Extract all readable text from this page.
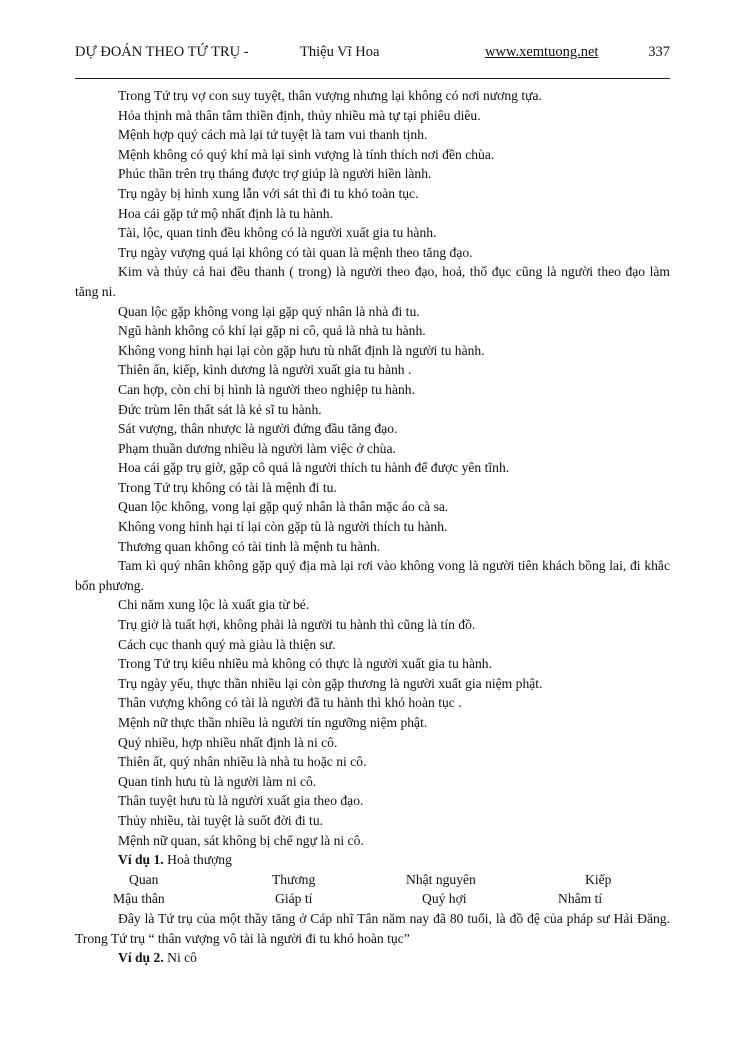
DỰ ĐOÁN THEO TỨ TRỤ -	Thiệu Vĩ Hoa	www.xemtuong.net	337

Trong Tứ trụ vợ con suy tuyệt, thân vượng nhưng lại không có nơi nương tựa.

Hỏa thịnh mà thân tâm thiền định, thủy nhiều mà tự tại phiêu diêu.

Mệnh hợp quý cách mà lại tứ tuyệt là tam vui thanh tịnh.

Mệnh không có quý khí mà lại sinh vượng là tính thích nơi đền chùa.

Phúc thần trên trụ tháng được trợ giúp là người hiền lành.

Trụ ngày bị hình xung lẫn với sát thì đi tu khó toàn tục.

Hoa cái gặp tứ mộ nhất định là tu hành.

Tài, lộc, quan tinh đều không có là người xuất gia tu hành.

Trụ ngày vượng quá lại không có tài quan là mệnh theo tăng đạo.

Kim và thủy cả hai đều thanh ( trong) là người theo đạo, hoả, thổ đục cũng là người theo đạo làm tăng ni.

Quan lộc gặp không vong lại gặp quý nhân là nhà đi tu.

Ngũ hành không có khí lại gặp ni cô, quả là nhà tu hành.

Không vong hình hại lại còn gặp hưu tù nhất định là người tu hành.

Thiên ấn, kiếp, kình dương là người xuất gia tu hành .

Can hợp, còn chi bị hình là người theo nghiệp tu hành.

Đức trùm lên thất sát là kẻ sĩ tu hành.

Sát vượng, thân nhược là người đứng đầu tăng đạo.

Phạm thuần dương nhiều là người làm việc ở chùa.

Hoa cái gặp trụ giờ, gặp cô quả là người thích tu hành để được yên tĩnh.

Trong Tứ trụ không có tài là mệnh đi tu.

Quan lộc không, vong lại gặp quý nhân là thân mặc áo cà sa.

Không vong hình hại tí lại còn gặp tù là người thích tu hành.

Thương quan không có tài tinh là mệnh tu hành.

Tam kì quý nhân không gặp quý địa mà lại rơi vào không vong là người tiên khách bồng lai, đi khắc bốn phương.

Chi năm xung lộc là xuất gia từ bé.

Trụ giờ là tuất hợi, không phải là người tu hành thì cũng là tín đồ.

Cách cục thanh quý mà giàu là thiện sư.

Trong Tứ trụ kiêu nhiều mà không có thực là người xuất gia tu hành.

Trụ ngày yếu, thực thần nhiều lại còn gặp thương là người xuất gia niệm phật.

Thân vượng không có tài là người đã tu hành thì khó hoàn tục .

Mệnh nữ thực thần nhiều là người tín ngưỡng niệm phật.

Quý nhiều, hợp nhiều nhất định là ni cô.

Thiên ất, quý nhân nhiều là nhà tu hoặc ni cô.

Quan tinh hưu tù là người làm ni cô.

Thân tuyệt hưu tù là người xuất gia theo đạo.

Thủy nhiều, tài tuyệt là suốt đời đi tu.

Mệnh nữ quan, sát không bị chế ngự là ni cô.

Ví dụ 1. Hoà thượng

Quan	Thương	Nhật nguyên	Kiếp
Mậu thân	Giáp tí	Quý hợi	Nhâm tí

Đây là Tứ trụ của một thầy tăng ở Cáp nhĩ Tân năm nay đã 80 tuổi, là đồ đệ của pháp sư Hải Đăng. Trong Tứ trụ “ thân vượng vô tài là người đi tu khó hoàn tục”

Ví dụ 2. Ni cô
